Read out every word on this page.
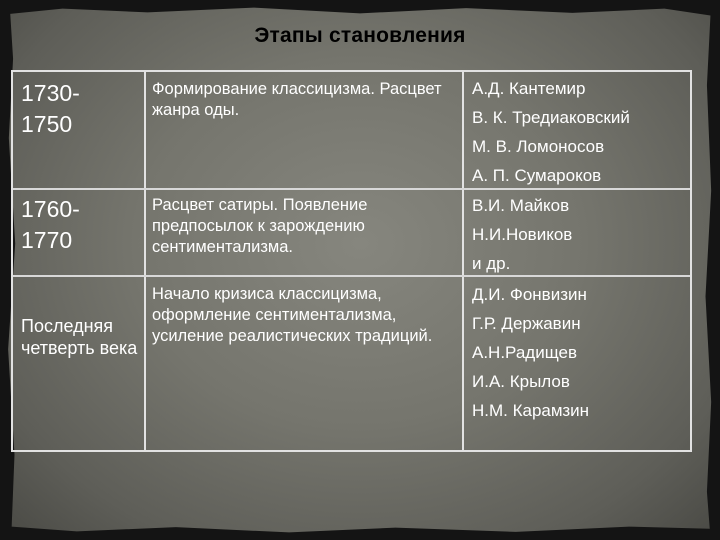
Этапы становления
1730-
1750
Формирование классицизма. Расцвет жанра оды.
А.Д. Кантемир
В. К. Тредиаковский
М. В. Ломоносов
А. П. Сумароков
1760-
1770
Расцвет сатиры. Появление предпосылок к зарождению сентиментализма.
В.И. Майков
Н.И.Новиков
и др.
Последняя четверть века
Начало кризиса классицизма, оформление сентиментализма, усиление реалистических традиций.
Д.И. Фонвизин
Г.Р. Державин
А.Н.Радищев
И.А. Крылов
Н.М. Карамзин
